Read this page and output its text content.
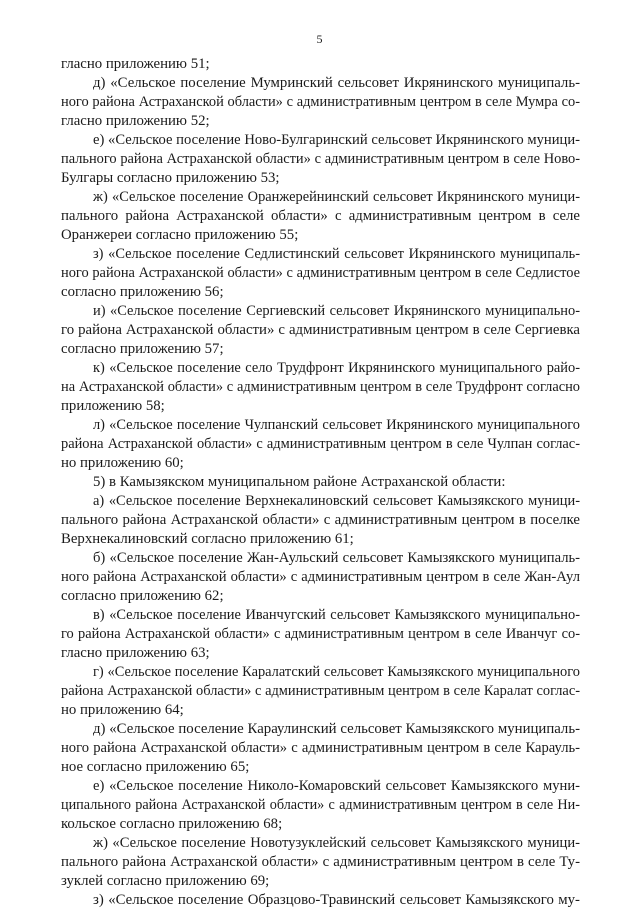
5
гласно приложению 51;
д) «Сельское поселение Мумринский сельсовет Икрянинского муниципаль-
ного района Астраханской области» с административным центром в селе Мумра со-
гласно приложению 52;
е) «Сельское поселение Ново-Булгаринский сельсовет Икрянинского муници-
пального района Астраханской области» с административным центром в селе Ново-
Булгары согласно приложению 53;
ж) «Сельское поселение Оранжерейнинский сельсовет Икрянинского муници-
пального района Астраханской области» с административным центром в селе
Оранжереи согласно приложению 55;
з) «Сельское поселение Седлистинский сельсовет Икрянинского муниципаль-
ного района Астраханской области» с административным центром в селе Седлистое
согласно приложению 56;
и) «Сельское поселение Сергиевский сельсовет Икрянинского муниципально-
го района Астраханской области» с административным центром в селе Сергиевка
согласно приложению 57;
к) «Сельское поселение село Трудфронт Икрянинского муниципального райо-
на Астраханской области» с административным центром в селе Трудфронт согласно
приложению 58;
л) «Сельское поселение Чулпанский сельсовет Икрянинского муниципального
района Астраханской области» с административным центром в селе Чулпан соглас-
но приложению 60;
5) в Камызякском муниципальном районе Астраханской области:
а) «Сельское поселение Верхнекалиновский сельсовет Камызякского муници-
пального района Астраханской области» с административным центром в поселке
Верхнекалиновский согласно приложению 61;
б) «Сельское поселение Жан-Аульский сельсовет Камызякского муниципаль-
ного района Астраханской области» с административным центром в селе Жан-Аул
согласно приложению 62;
в) «Сельское поселение Иванчугский сельсовет Камызякского муниципально-
го района Астраханской области» с административным центром в селе Иванчуг со-
гласно приложению 63;
г) «Сельское поселение Каралатский сельсовет Камызякского муниципального
района Астраханской области» с административным центром в селе Каралат соглас-
но приложению 64;
д) «Сельское поселение Караулинский сельсовет Камызякского муниципаль-
ного района Астраханской области» с административным центром в селе Карауль-
ное согласно приложению 65;
е) «Сельское поселение Николо-Комаровский сельсовет Камызякского муни-
ципального района Астраханской области» с административным центром в селе Ни-
кольское согласно приложению 68;
ж) «Сельское поселение Новотузуклейский сельсовет Камызякского муници-
пального района Астраханской области» с административным центром в селе Ту-
зуклей согласно приложению 69;
з) «Сельское поселение Образцово-Травинский сельсовет Камызякского му-
